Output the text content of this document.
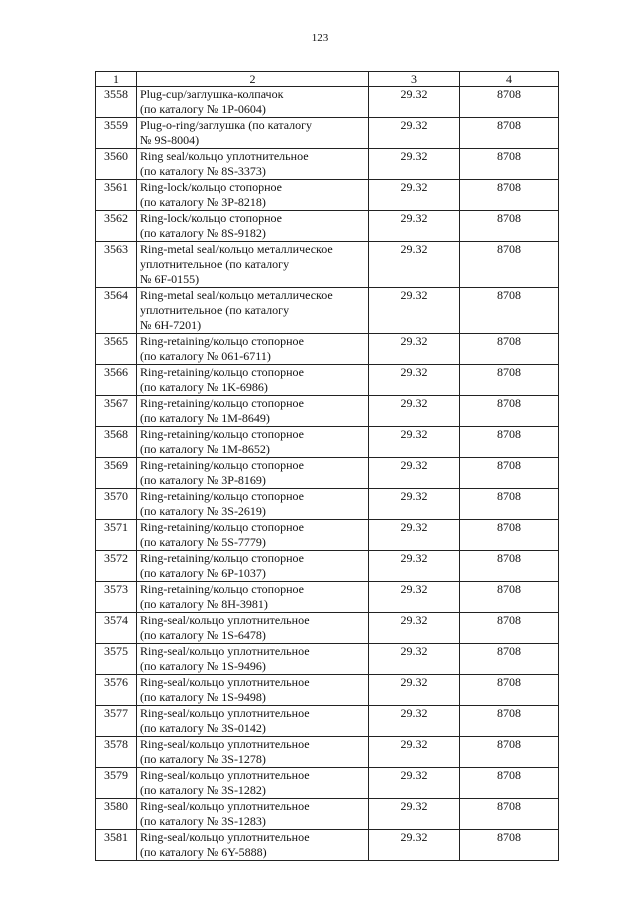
123
1	2	3	4
3558	Plug-cup/заглушка-колпачок
(по каталогу № 1P-0604)	29.32	8708
3559	Plug-o-ring/заглушка (по каталогу
№ 9S-8004)	29.32	8708
3560	Ring seal/кольцо уплотнительное
(по каталогу № 8S-3373)	29.32	8708
3561	Ring-lock/кольцо стопорное
(по каталогу № 3P-8218)	29.32	8708
3562	Ring-lock/кольцо стопорное
(по каталогу № 8S-9182)	29.32	8708
3563	Ring-metal seal/кольцо металлическое
уплотнительное (по каталогу
№ 6F-0155)	29.32	8708
3564	Ring-metal seal/кольцо металлическое
уплотнительное (по каталогу
№ 6H-7201)	29.32	8708
3565	Ring-retaining/кольцо стопорное
(по каталогу № 061-6711)	29.32	8708
3566	Ring-retaining/кольцо стопорное
(по каталогу № 1K-6986)	29.32	8708
3567	Ring-retaining/кольцо стопорное
(по каталогу № 1M-8649)	29.32	8708
3568	Ring-retaining/кольцо стопорное
(по каталогу № 1M-8652)	29.32	8708
3569	Ring-retaining/кольцо стопорное
(по каталогу № 3P-8169)	29.32	8708
3570	Ring-retaining/кольцо стопорное
(по каталогу № 3S-2619)	29.32	8708
3571	Ring-retaining/кольцо стопорное
(по каталогу № 5S-7779)	29.32	8708
3572	Ring-retaining/кольцо стопорное
(по каталогу № 6P-1037)	29.32	8708
3573	Ring-retaining/кольцо стопорное
(по каталогу № 8H-3981)	29.32	8708
3574	Ring-seal/кольцо уплотнительное
(по каталогу № 1S-6478)	29.32	8708
3575	Ring-seal/кольцо уплотнительное
(по каталогу № 1S-9496)	29.32	8708
3576	Ring-seal/кольцо уплотнительное
(по каталогу № 1S-9498)	29.32	8708
3577	Ring-seal/кольцо уплотнительное
(по каталогу № 3S-0142)	29.32	8708
3578	Ring-seal/кольцо уплотнительное
(по каталогу № 3S-1278)	29.32	8708
3579	Ring-seal/кольцо уплотнительное
(по каталогу № 3S-1282)	29.32	8708
3580	Ring-seal/кольцо уплотнительное
(по каталогу № 3S-1283)	29.32	8708
3581	Ring-seal/кольцо уплотнительное
(по каталогу № 6Y-5888)	29.32	8708
